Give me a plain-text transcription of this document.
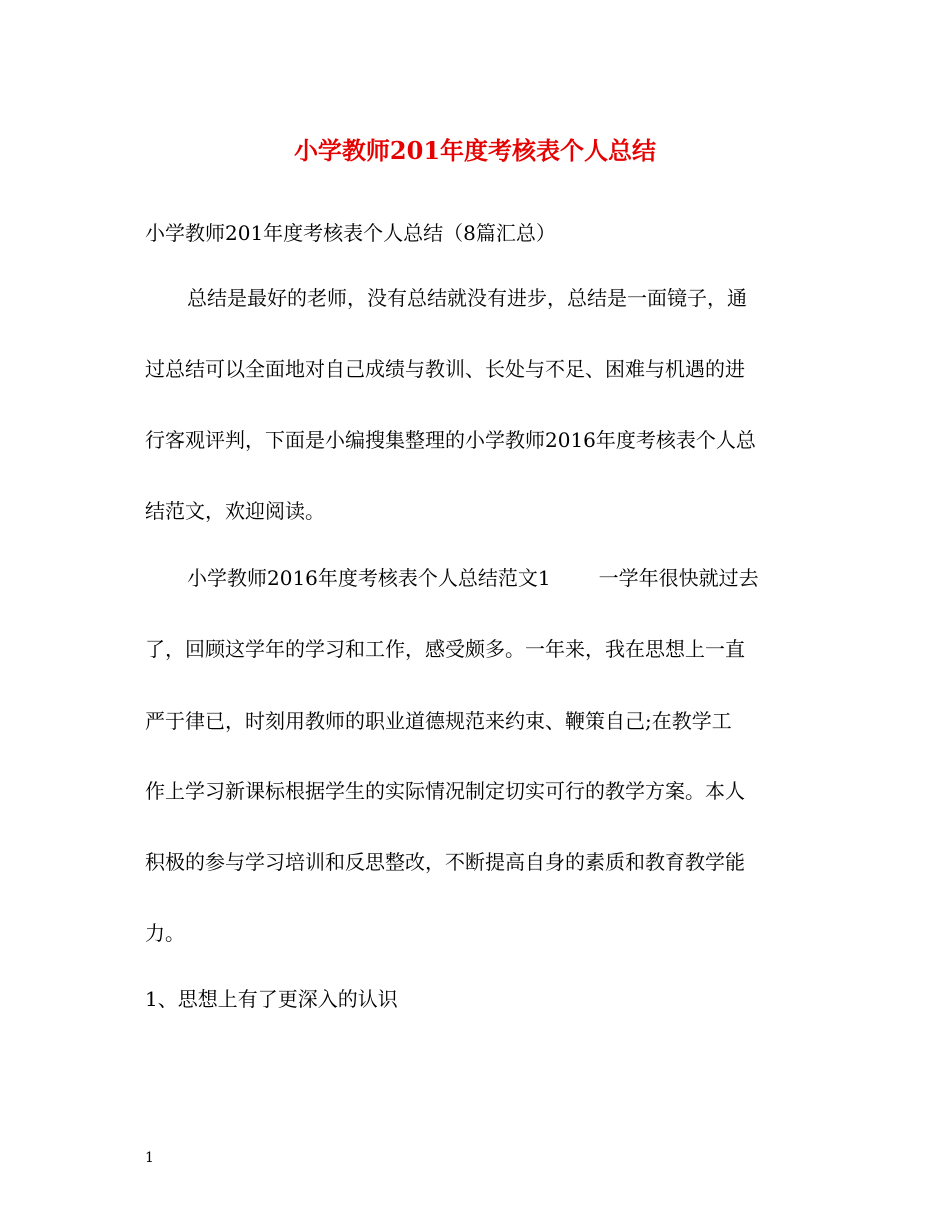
小学教师201年度考核表个人总结
小学教师201年度考核表个人总结（8篇汇总）
总结是最好的老师，没有总结就没有进步，总结是一面镜子，通
过总结可以全面地对自己成绩与教训、长处与不足、困难与机遇的进
行客观评判，下面是小编搜集整理的小学教师2016年度考核表个人总
结范文，欢迎阅读。
小学教师2016年度考核表个人总结范文1 一学年很快就过去
了，回顾这学年的学习和工作，感受颇多。一年来，我在思想上一直
严于律已，时刻用教师的职业道德规范来约束、鞭策自己;在教学工
作上学习新课标根据学生的实际情况制定切实可行的教学方案。本人
积极的参与学习培训和反思整改，不断提高自身的素质和教育教学能
力。
1、思想上有了更深入的认识
1
